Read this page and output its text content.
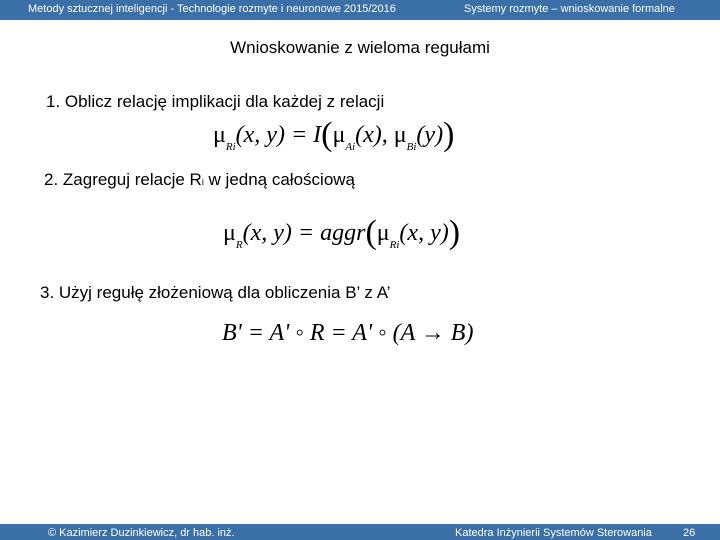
Metody sztucznej inteligencji - Technologie rozmyte i neuronowe 2015/2016	Systemy rozmyte – wnioskowanie formalne
Wnioskowanie z wieloma regułami
1. Oblicz relację implikacji dla każdej z relacji
$\mu_{Ri}(x$, $y) = I(\mu_{Ai}(x)$, $\mu_{Bi}(y)$)
2. Zagreguj relacje Ri w jedną całościową
$\mu_R(x$, $y) = aggr(\mu_{Ri}(x$, y))
3. Użyj regułę złożeniową dla obliczenia B’ z A’
B' = A' ◦ R = A' ◦ (A → B)
© Kazimierz Duzinkiewicz, dr hab. inż.	Katedra Inżynierii Systemów Sterowania	26
